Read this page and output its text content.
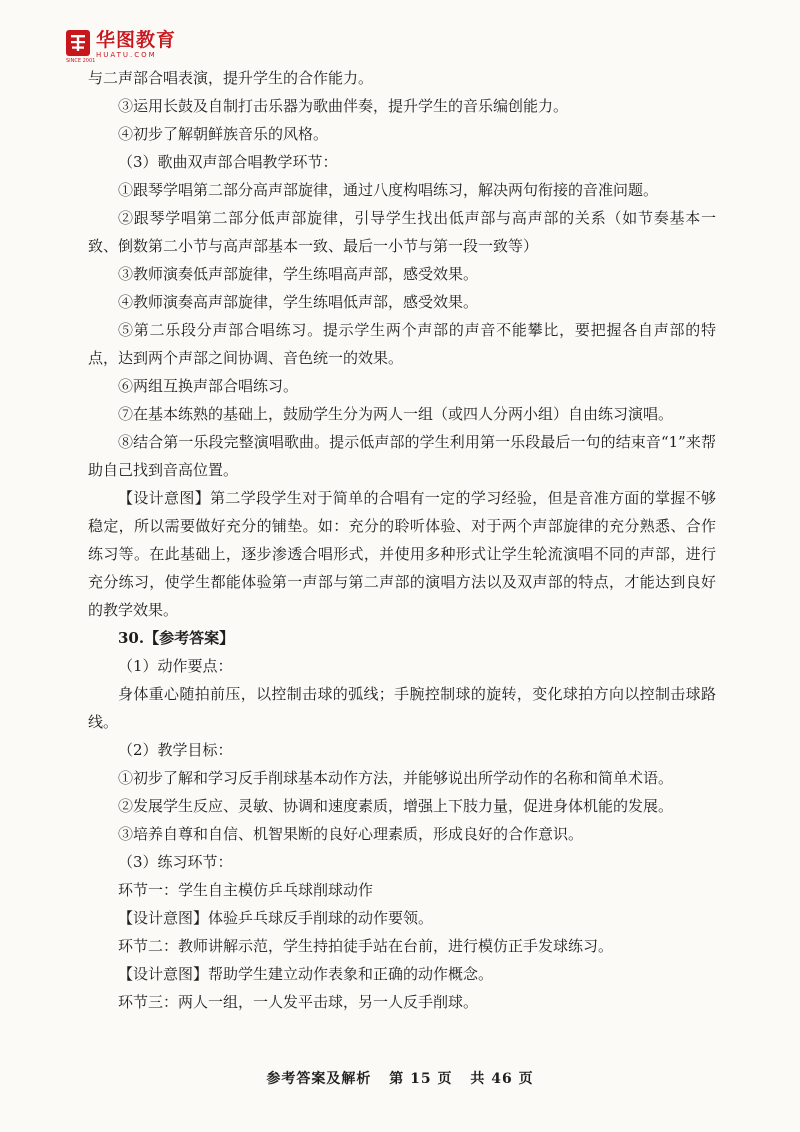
华图教育
HUATU.COM
SINCE 2001

与二声部合唱表演，提升学生的合作能力。

③运用长鼓及自制打击乐器为歌曲伴奏，提升学生的音乐编创能力。

④初步了解朝鲜族音乐的风格。

（3）歌曲双声部合唱教学环节：

①跟琴学唱第二部分高声部旋律，通过八度构唱练习，解决两句衔接的音准问题。

②跟琴学唱第二部分低声部旋律，引导学生找出低声部与高声部的关系（如节奏基本一致、倒数第二小节与高声部基本一致、最后一小节与第一段一致等）

③教师演奏低声部旋律，学生练唱高声部，感受效果。

④教师演奏高声部旋律，学生练唱低声部，感受效果。

⑤第二乐段分声部合唱练习。提示学生两个声部的声音不能攀比，要把握各自声部的特点，达到两个声部之间协调、音色统一的效果。

⑥两组互换声部合唱练习。

⑦在基本练熟的基础上，鼓励学生分为两人一组（或四人分两小组）自由练习演唱。

⑧结合第一乐段完整演唱歌曲。提示低声部的学生利用第一乐段最后一句的结束音“1”来帮助自己找到音高位置。

【设计意图】第二学段学生对于简单的合唱有一定的学习经验，但是音准方面的掌握不够稳定，所以需要做好充分的铺垫。如：充分的聆听体验、对于两个声部旋律的充分熟悉、合作练习等。在此基础上，逐步渗透合唱形式，并使用多种形式让学生轮流演唱不同的声部，进行充分练习，使学生都能体验第一声部与第二声部的演唱方法以及双声部的特点，才能达到良好的教学效果。

30.【参考答案】

（1）动作要点：

身体重心随拍前压，以控制击球的弧线；手腕控制球的旋转，变化球拍方向以控制击球路线。

（2）教学目标：

①初步了解和学习反手削球基本动作方法，并能够说出所学动作的名称和简单术语。

②发展学生反应、灵敏、协调和速度素质，增强上下肢力量，促进身体机能的发展。

③培养自尊和自信、机智果断的良好心理素质，形成良好的合作意识。

（3）练习环节：

环节一：学生自主模仿乒乓球削球动作

【设计意图】体验乒乓球反手削球的动作要领。

环节二：教师讲解示范，学生持拍徒手站在台前，进行模仿正手发球练习。

【设计意图】帮助学生建立动作表象和正确的动作概念。

环节三：两人一组，一人发平击球，另一人反手削球。

参考答案及解析 第 15 页 共 46 页
